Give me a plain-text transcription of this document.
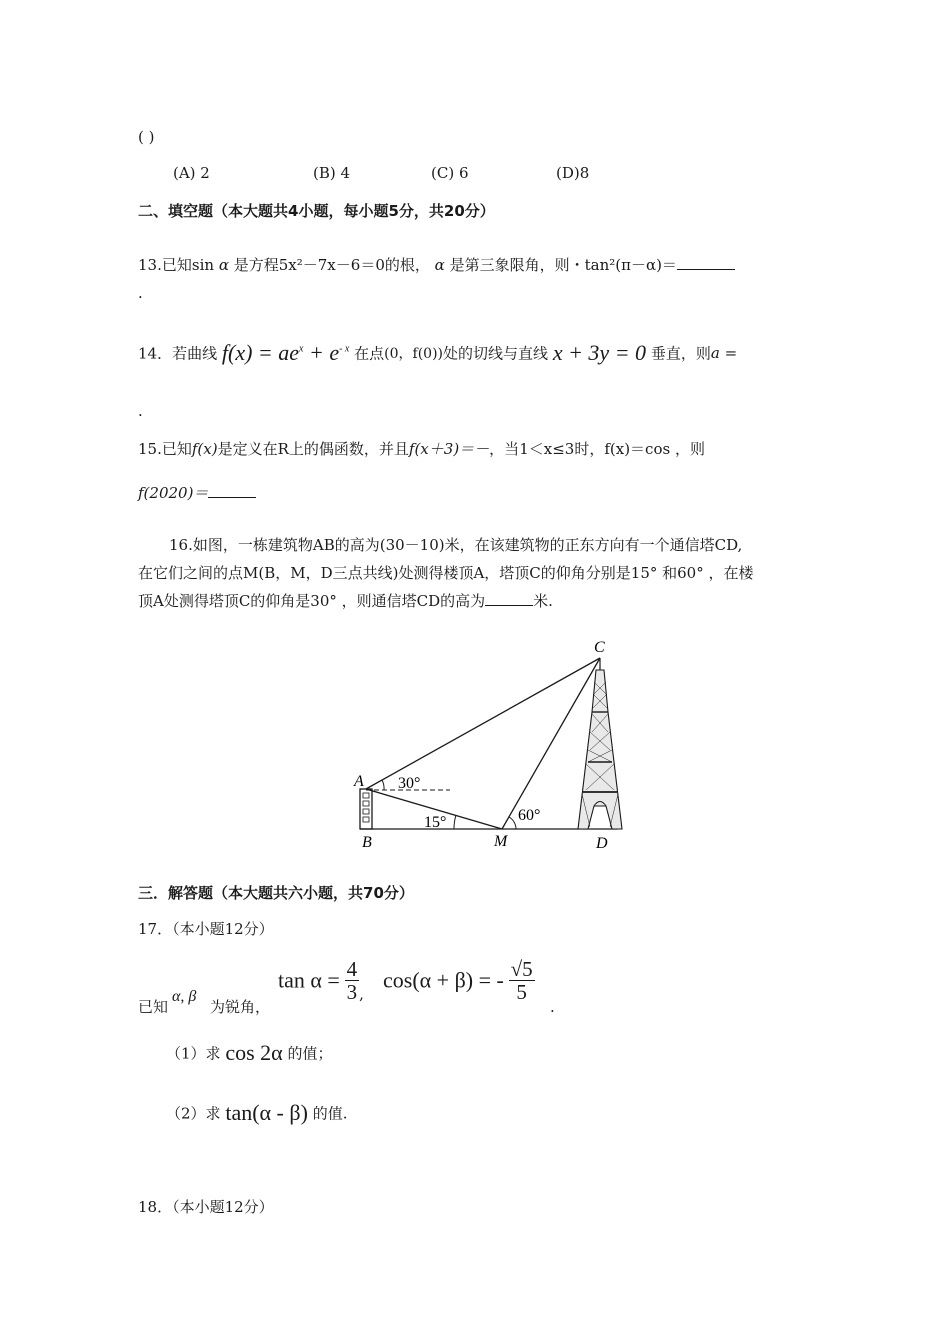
( )
(A) 2	(B) 4	(C) 6	(D)8
二、填空题（本大题共4小题，每小题5分，共20分）
13.已知sin α 是方程5x²－7x－6＝0的根， α 是第三象限角，则・tan²(π－α)＝
.
14．若曲线 $f(x) = ae^x + e^{- x}$ 在点(0，f(0))处的切线与直线 x + 3y = 0 垂直，则a =
.
15.已知f(x)是定义在R上的偶函数，并且f(x＋3)＝－，当1＜x≤3时，f(x)＝cos ，则
f(2020)＝
16.如图，一栋建筑物AB的高为(30－10)米，在该建筑物的正东方向有一个通信塔CD,
在它们之间的点M(B，M，D三点共线)处测得楼顶A，塔顶C的仰角分别是15° 和60° ，在楼
顶A处测得塔顶C的仰角是30° ，则通信塔CD的高为	米.
A
B
C
D
M
30°
15°	60°
三．解答题（本大题共六小题，共70分）
17．（本小题12分）
已知
α, β
为锐角，
$\tan \alpha = \frac{4}{3}$ ,
cos(α + β) = - $\frac{√5}{5}$
.
（1）求 cos 2α 的值；
（2）求 tan(α - β) 的值.
18．（本小题12分）
